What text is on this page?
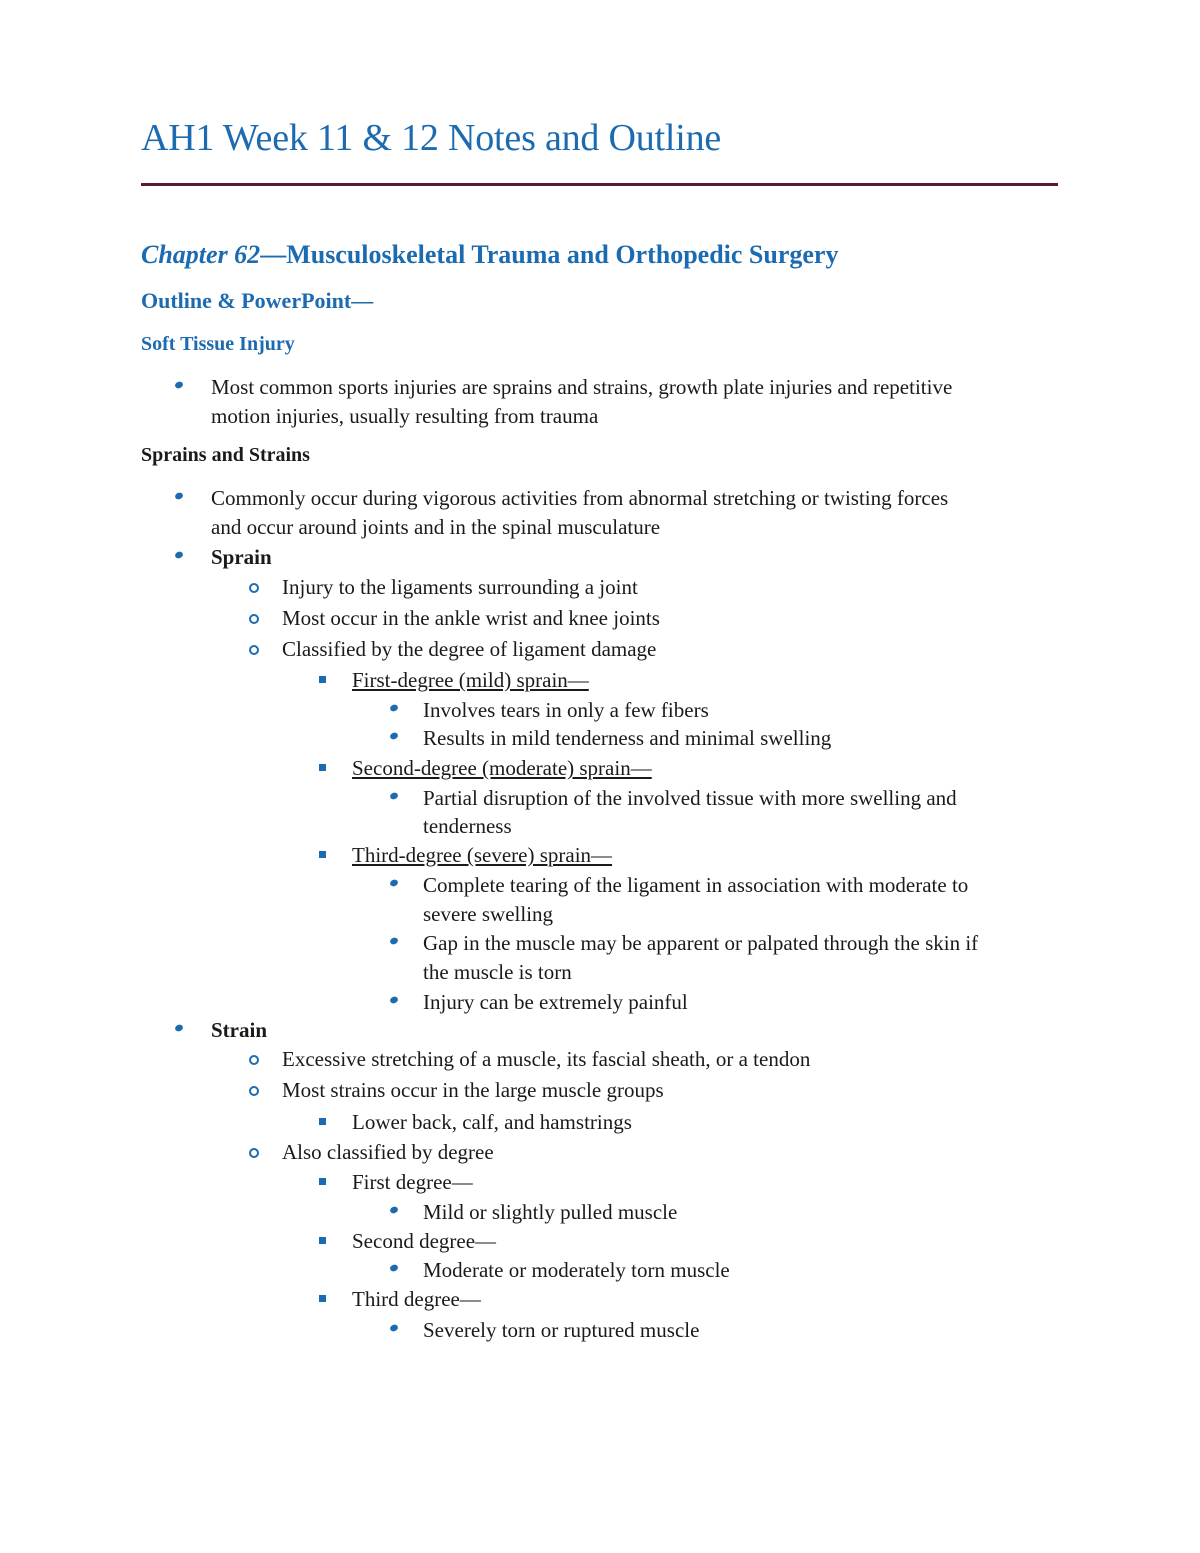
AH1 Week 11 & 12 Notes and Outline
Chapter 62—Musculoskeletal Trauma and Orthopedic Surgery
Outline & PowerPoint—
Soft Tissue Injury

Most common sports injuries are sprains and strains, growth plate injuries and repetitive

motion injuries, usually resulting from trauma

Sprains and Strains

Commonly occur during vigorous activities from abnormal stretching or twisting forces

and occur around joints and in the spinal musculature

Sprain

Injury to the ligaments surrounding a joint

Most occur in the ankle wrist and knee joints

Classified by the degree of ligament damage

First-degree (mild) sprain—

Involves tears in only a few fibers

Results in mild tenderness and minimal swelling

Second-degree (moderate) sprain—

Partial disruption of the involved tissue with more swelling and

tenderness

Third-degree (severe) sprain—

Complete tearing of the ligament in association with moderate to

severe swelling

Gap in the muscle may be apparent or palpated through the skin if

the muscle is torn

Injury can be extremely painful

Strain

Excessive stretching of a muscle, its fascial sheath, or a tendon

Most strains occur in the large muscle groups

Lower back, calf, and hamstrings

Also classified by degree

First degree—

Mild or slightly pulled muscle

Second degree—

Moderate or moderately torn muscle

Third degree—

Severely torn or ruptured muscle
